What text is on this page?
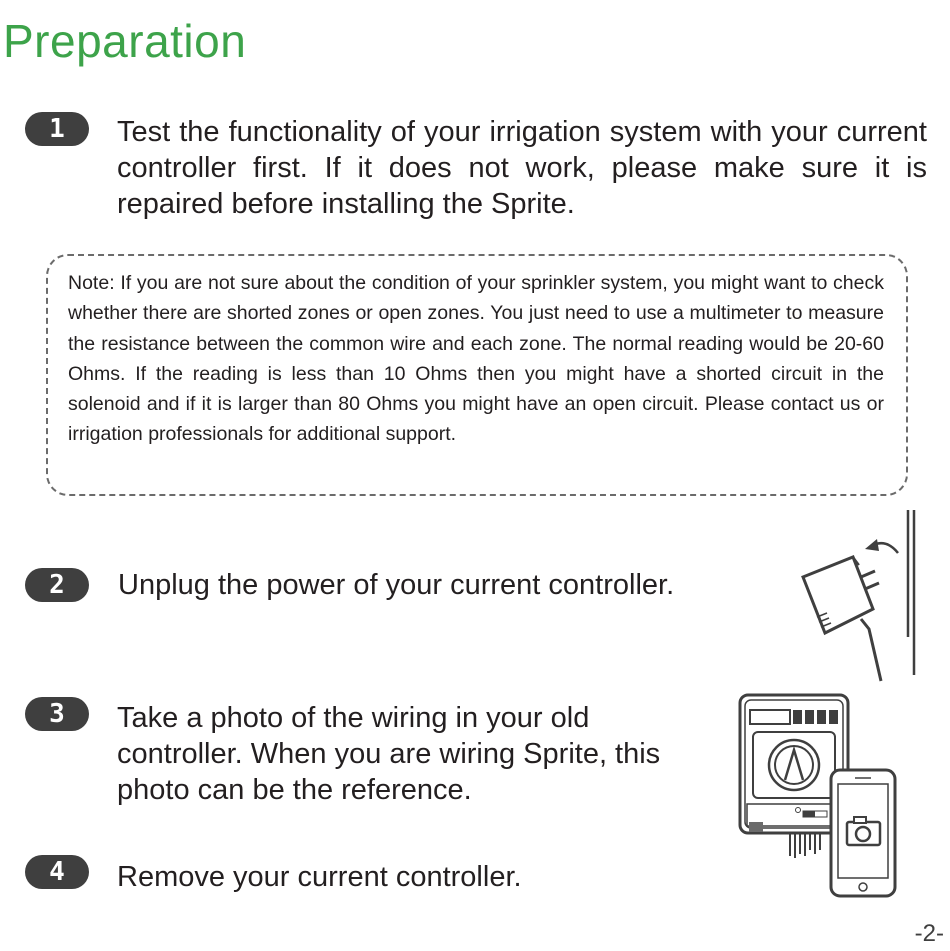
Preparation
1	Test the functionality of your irrigation system with your current controller first. If it does not work, please make sure it is repaired before installing the Sprite.
Note: If you are not sure about the condition of your sprinkler system, you might want to check whether there are shorted zones or open zones. You just need to use a multimeter to measure the resistance between the common wire and each zone. The normal reading would be 20-60 Ohms. If the reading is less than 10 Ohms then you might have a shorted circuit in the solenoid and if it is larger than 80 Ohms you might have an open circuit. Please contact us or irrigation professionals for additional support.
2	Unplug the power of your current controller.
3	Take a photo of the wiring in your old controller. When you are wiring Sprite, this photo can be the reference.
4	Remove your current controller.
-2-
